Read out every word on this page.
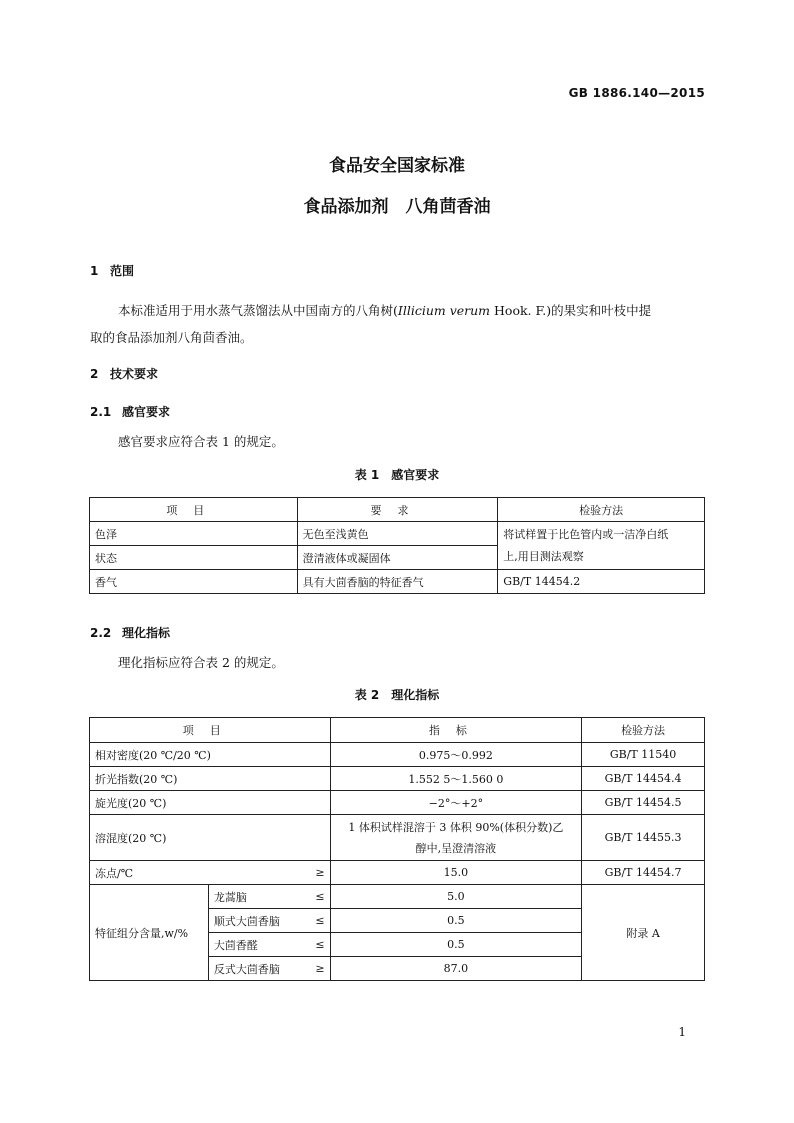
GB 1886.140—2015
食品安全国家标准
食品添加剂　八角茴香油
1 范围
本标准适用于用水蒸气蒸馏法从中国南方的八角树(Illicium verum Hook. F.)的果实和叶枝中提
取的食品添加剂八角茴香油。
2 技术要求
2.1 感官要求
感官要求应符合表 1 的规定。
表 1　感官要求
项目	要求	检验方法
色泽	无色至浅黄色	将试样置于比色管内或一洁净白纸
上,用目测法观察

状态	澄清液体或凝固体	
香气	具有大茴香脑的特征香气	GB/T 14454.2
2.2 理化指标
理化指标应符合表 2 的规定。
表 2　理化指标
项目		指标	检验方法
相对密度(20 ℃/20 ℃)		0.975～0.992	GB/T 11540
折光指数(20 ℃)		1.552 5～1.560 0	GB/T 14454.4
旋光度(20 ℃)		−2°～+2°	GB/T 14454.5
溶混度(20 ℃)		1 体积试样混溶于 3 体积 90%(体积分数)乙
醇中,呈澄清溶液	GB/T 14455.3

冻点/℃ ≥		15.0	GB/T 14454.7
特征组分含量,w/%	龙蒿脑 ≤	5.0	附录 A

	顺式大茴香脑 ≤	0.5	

	大茴香醛 ≤	0.5	

	反式大茴香脑 ≥	87.0	
1
